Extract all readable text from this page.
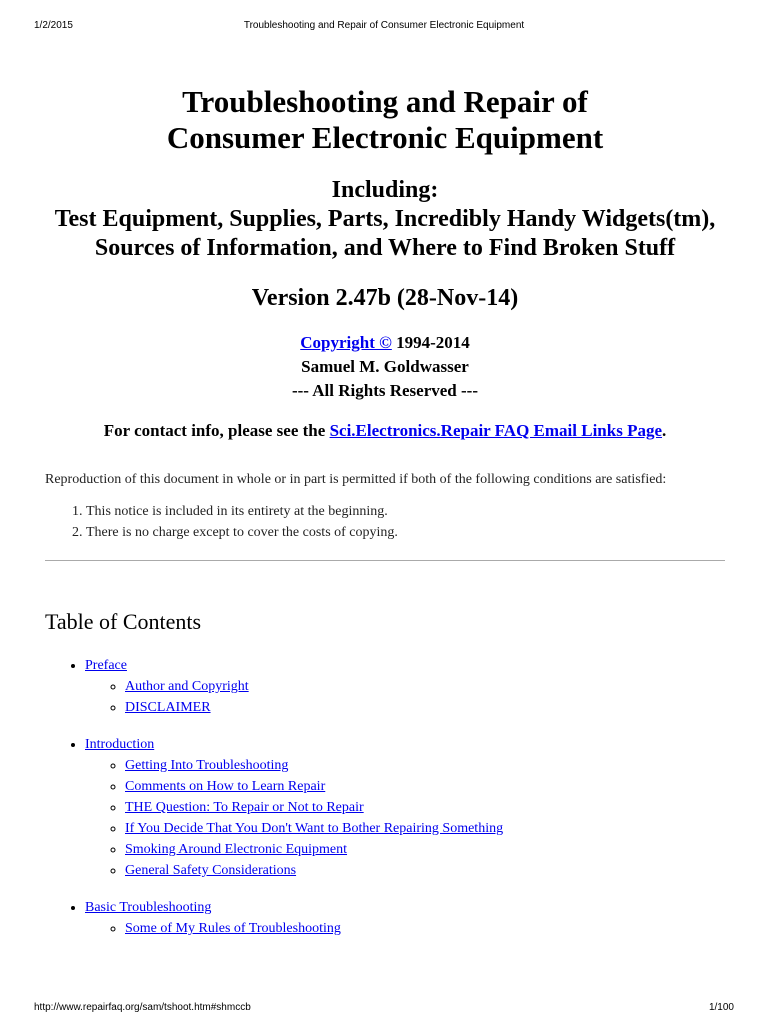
1/2/2015	Troubleshooting and Repair of Consumer Electronic Equipment
Troubleshooting and Repair of
Consumer Electronic Equipment
Including:
Test Equipment, Supplies, Parts, Incredibly Handy Widgets(tm),
Sources of Information, and Where to Find Broken Stuff
Version 2.47b (28-Nov-14)
Copyright © 1994-2014
Samuel M. Goldwasser
--- All Rights Reserved ---
For contact info, please see the Sci.Electronics.Repair FAQ Email Links Page.

Reproduction of this document in whole or in part is permitted if both of the following conditions are satisfied:

1. This notice is included in its entirety at the beginning.
2. There is no charge except to cover the costs of copying.
Table of Contents
• Preface
◦ Author and Copyright
◦ DISCLAIMER
• Introduction
◦ Getting Into Troubleshooting
◦ Comments on How to Learn Repair
◦ THE Question: To Repair or Not to Repair
◦ If You Decide That You Don't Want to Bother Repairing Something
◦ Smoking Around Electronic Equipment
◦ General Safety Considerations
• Basic Troubleshooting
◦ Some of My Rules of Troubleshooting
http://www.repairfaq.org/sam/tshoot.htm#shmccb	1/100
